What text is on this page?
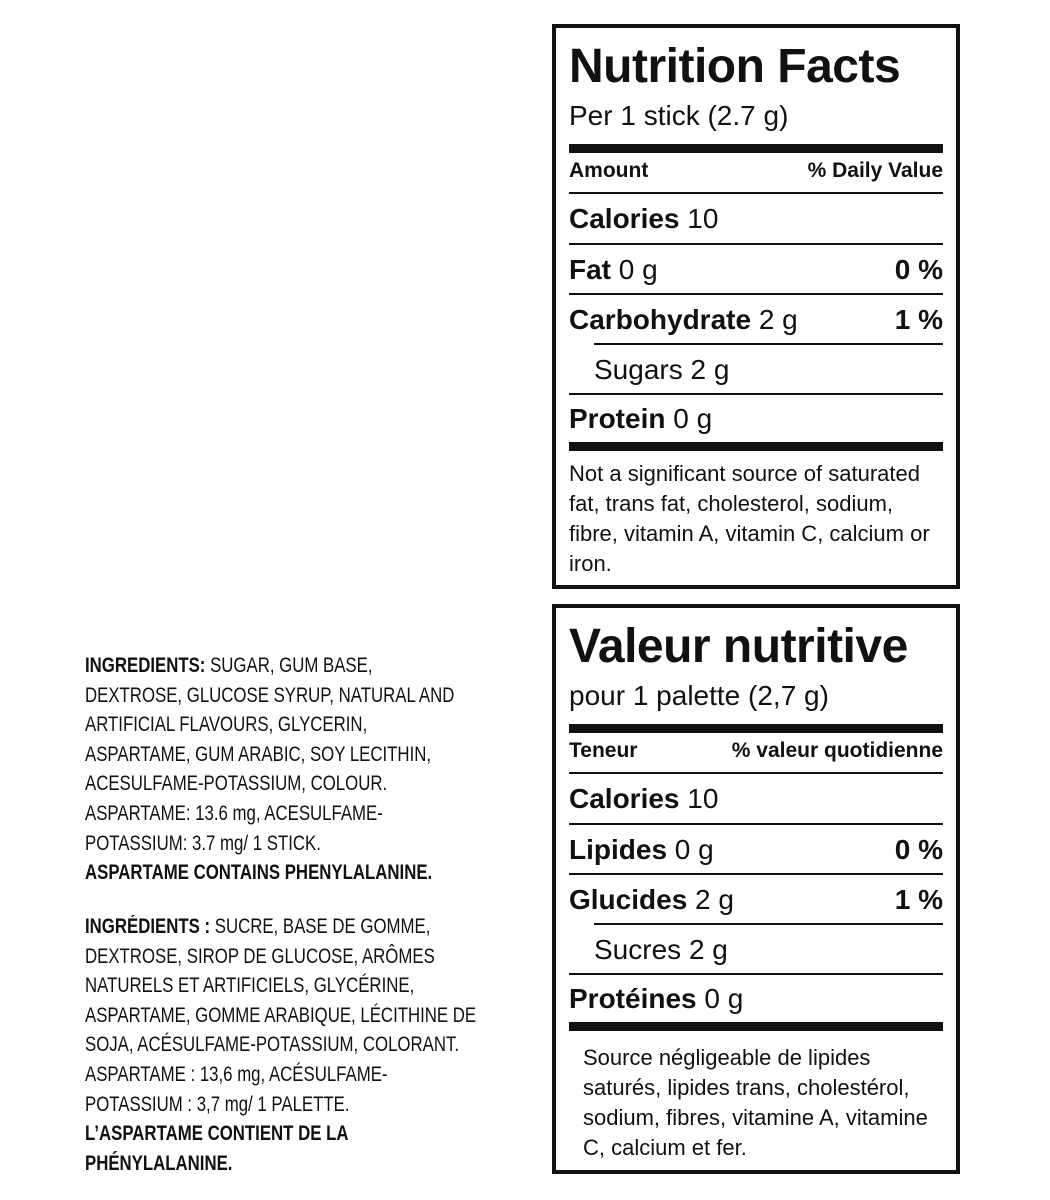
INGREDIENTS: SUGAR, GUM BASE,
DEXTROSE, GLUCOSE SYRUP, NATURAL AND
ARTIFICIAL FLAVOURS, GLYCERIN,
ASPARTAME, GUM ARABIC, SOY LECITHIN,
ACESULFAME-POTASSIUM, COLOUR.
ASPARTAME: 13.6 mg, ACESULFAME-
POTASSIUM: 3.7 mg/ 1 STICK.
ASPARTAME CONTAINS PHENYLALANINE.
INGRÉDIENTS : SUCRE, BASE DE GOMME,
DEXTROSE, SIROP DE GLUCOSE, ARÔMES
NATURELS ET ARTIFICIELS, GLYCÉRINE,
ASPARTAME, GOMME ARABIQUE, LÉCITHINE DE
SOJA, ACÉSULFAME-POTASSIUM, COLORANT.
ASPARTAME : 13,6 mg, ACÉSULFAME-
POTASSIUM : 3,7 mg/ 1 PALETTE.
L’ASPARTAME CONTIENT DE LA
PHÉNYLALANINE.
Nutrition Facts
Per 1 stick (2.7 g)
Amount	% Daily Value
Calories 10
Fat 0 g	0 %
Carbohydrate 2 g	1 %
Sugars 2 g
Protein 0 g
Not a significant source of saturated fat, trans fat, cholesterol, sodium, fibre, vitamin A, vitamin C, calcium or iron.
Valeur nutritive
pour 1 palette (2,7 g)
Teneur	% valeur quotidienne
Calories 10
Lipides 0 g	0 %
Glucides 2 g	1 %
Sucres 2 g
Protéines 0 g
Source négligeable de lipides saturés, lipides trans, cholestérol, sodium, fibres, vitamine A, vitamine C, calcium et fer.
